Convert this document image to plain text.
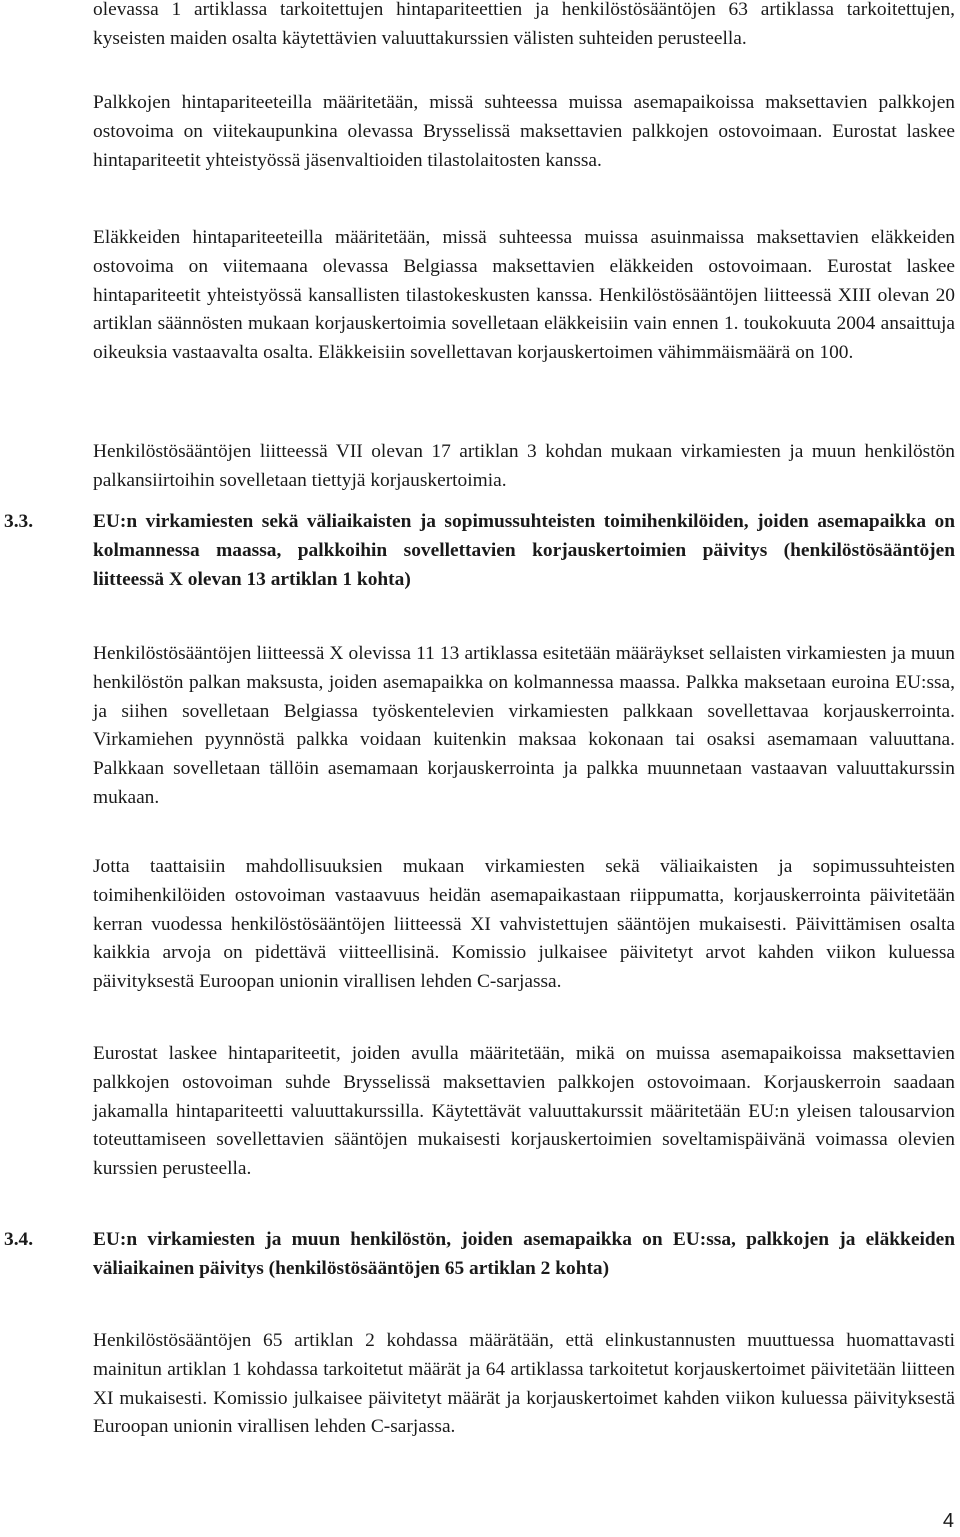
olevassa 1 artiklassa tarkoitettujen hintapariteettien ja henkilöstösääntöjen 63 artiklassa tarkoitettujen, kyseisten maiden osalta käytettävien valuuttakurssien välisten suhteiden perusteella.

Palkkojen hintapariteeteilla määritetään, missä suhteessa muissa asemapaikoissa maksettavien palkkojen ostovoima on viitekaupunkina olevassa Brysselissä maksettavien palkkojen ostovoimaan. Eurostat laskee hintapariteetit yhteistyössä jäsenvaltioiden tilastolaitosten kanssa.

Eläkkeiden hintapariteeteilla määritetään, missä suhteessa muissa asuinmaissa maksettavien eläkkeiden ostovoima on viitemaana olevassa Belgiassa maksettavien eläkkeiden ostovoimaan. Eurostat laskee hintapariteetit yhteistyössä kansallisten tilastokeskusten kanssa. Henkilöstösääntöjen liitteessä XIII olevan 20 artiklan säännösten mukaan korjauskertoimia sovelletaan eläkkeisiin vain ennen 1. toukokuuta 2004 ansaittuja oikeuksia vastaavalta osalta. Eläkkeisiin sovellettavan korjauskertoimen vähimmäismäärä on 100.

Henkilöstösääntöjen liitteessä VII olevan 17 artiklan 3 kohdan mukaan virkamiesten ja muun henkilöstön palkansiirtoihin sovelletaan tiettyjä korjauskertoimia.

3.3.	EU:n virkamiesten sekä väliaikaisten ja sopimussuhteisten toimihenkilöiden, joiden asemapaikka on kolmannessa maassa, palkkoihin sovellettavien korjauskertoimien päivitys (henkilöstösääntöjen liitteessä X olevan 13 artiklan 1 kohta)

Henkilöstösääntöjen liitteessä X olevissa 11 13 artiklassa esitetään määräykset sellaisten virkamiesten ja muun henkilöstön palkan maksusta, joiden asemapaikka on kolmannessa maassa. Palkka maksetaan euroina EU:ssa, ja siihen sovelletaan Belgiassa työskentelevien virkamiesten palkkaan sovellettavaa korjauskerrointa. Virkamiehen pyynnöstä palkka voidaan kuitenkin maksaa kokonaan tai osaksi asemamaan valuuttana. Palkkaan sovelletaan tällöin asemamaan korjauskerrointa ja palkka muunnetaan vastaavan valuuttakurssin mukaan.

Jotta taattaisiin mahdollisuuksien mukaan virkamiesten sekä väliaikaisten ja sopimussuhteisten toimihenkilöiden ostovoiman vastaavuus heidän asemapaikastaan riippumatta, korjauskerrointa päivitetään kerran vuodessa henkilöstösääntöjen liitteessä XI vahvistettujen sääntöjen mukaisesti. Päivittämisen osalta kaikkia arvoja on pidettävä viitteellisinä. Komissio julkaisee päivitetyt arvot kahden viikon kuluessa päivityksestä Euroopan unionin virallisen lehden C-sarjassa.

Eurostat laskee hintapariteetit, joiden avulla määritetään, mikä on muissa asemapaikoissa maksettavien palkkojen ostovoiman suhde Brysselissä maksettavien palkkojen ostovoimaan. Korjauskerroin saadaan jakamalla hintapariteetti valuuttakurssilla. Käytettävät valuuttakurssit määritetään EU:n yleisen talousarvion toteuttamiseen sovellettavien sääntöjen mukaisesti korjauskertoimien soveltamispäivänä voimassa olevien kurssien perusteella.

3.4.	EU:n virkamiesten ja muun henkilöstön, joiden asemapaikka on EU:ssa, palkkojen ja eläkkeiden väliaikainen päivitys (henkilöstösääntöjen 65 artiklan 2 kohta)

Henkilöstösääntöjen 65 artiklan 2 kohdassa määrätään, että elinkustannusten muuttuessa huomattavasti mainitun artiklan 1 kohdassa tarkoitetut määrät ja 64 artiklassa tarkoitetut korjauskertoimet päivitetään liitteen XI mukaisesti. Komissio julkaisee päivitetyt määrät ja korjauskertoimet kahden viikon kuluessa päivityksestä Euroopan unionin virallisen lehden C-sarjassa.

4
